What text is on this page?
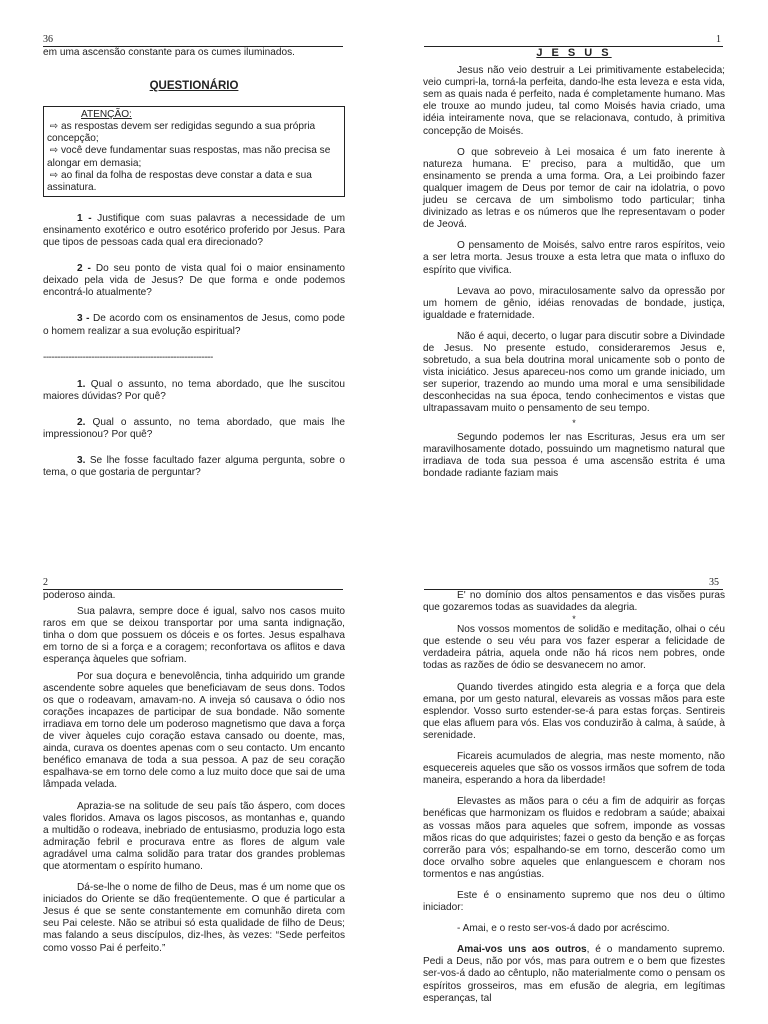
36

em uma ascensão constante para os cumes iluminados.

QUESTIONÁRIO

ATENÇÃO:

⇨ as respostas devem ser redigidas segundo a sua própria concepção;

⇨ você deve fundamentar suas respostas, mas não precisa se alongar em demasia;

⇨ ao final da folha de respostas deve constar a data e sua assinatura.

1 - Justifique com suas palavras a necessidade de um ensinamento exotérico e outro esotérico proferido por Jesus. Para que tipos de pessoas cada qual era direcionado?

2 - Do seu ponto de vista qual foi o maior ensinamento deixado pela vida de Jesus? De que forma e onde podemos encontrá-lo atualmente?

3 - De acordo com os ensinamentos de Jesus, como pode o homem realizar a sua evolução espiritual?

------------------------------------------------------------

1. Qual o assunto, no tema abordado, que lhe suscitou maiores dúvidas? Por quê?

2. Qual o assunto, no tema abordado, que mais lhe impressionou? Por quê?

3. Se lhe fosse facultado fazer alguma pergunta, sobre o tema, o que gostaria de perguntar?

1

J E S U S

Jesus não veio destruir a Lei primitivamente estabelecida; veio cumpri-la, torná-la perfeita, dando-lhe esta leveza e esta vida, sem as quais nada é perfeito, nada é completamente humano. Mas ele trouxe ao mundo judeu, tal como Moisés havia criado, uma idéia inteiramente nova, que se relacionava, contudo, à primitiva concepção de Moisés.

O que sobreveio à Lei mosaica é um fato inerente à natureza humana. E' preciso, para a multidão, que um ensinamento se prenda a uma forma. Ora, a Lei proibindo fazer qualquer imagem de Deus por temor de cair na idolatria, o povo judeu se cercava de um simbolismo todo particular; tinha divinizado as letras e os números que lhe representavam o poder de Jeová.

O pensamento de Moisés, salvo entre raros espíritos, veio a ser letra morta. Jesus trouxe a esta letra que mata o influxo do espírito que vivifica.

Levava ao povo, miraculosamente salvo da opressão por um homem de gênio, idéias renovadas de bondade, justiça, igualdade e fraternidade.

Não é aqui, decerto, o lugar para discutir sobre a Divindade de Jesus. No presente estudo, consideraremos Jesus e, sobretudo, a sua bela doutrina moral unicamente sob o ponto de vista iniciático. Jesus apareceu-nos como um grande iniciado, um ser superior, trazendo ao mundo uma moral e uma sensibilidade desconhecidas na sua época, tendo conhecimentos e vistas que ultrapassavam muito o pensamento de seu tempo.

*

Segundo podemos ler nas Escrituras, Jesus era um ser maravilhosamente dotado, possuindo um magnetismo natural que irradiava de toda sua pessoa é uma ascensão estrita é uma bondade radiante faziam mais

2

poderoso ainda.

Sua palavra, sempre doce é igual, salvo nos casos muito raros em que se deixou transportar por uma santa indignação, tinha o dom que possuem os dóceis e os fortes. Jesus espalhava em torno de si a força e a coragem; reconfortava os aflitos e dava esperança àqueles que sofriam.

Por sua doçura e benevolência, tinha adquirido um grande ascendente sobre aqueles que beneficiavam de seus dons. Todos os que o rodeavam, amavam-no. A inveja só causava o ódio nos corações incapazes de participar de sua bondade. Não somente irradiava em torno dele um poderoso magnetismo que dava a força de viver àqueles cujo coração estava cansado ou doente, mas, ainda, curava os doentes apenas com o seu contacto. Um encanto benéfico emanava de toda a sua pessoa. A paz de seu coração espalhava-se em torno dele como a luz muito doce que sai de uma lâmpada velada.

Aprazia-se na solitude de seu país tão áspero, com doces vales floridos. Amava os lagos piscosos, as montanhas e, quando a multidão o rodeava, inebriado de entusiasmo, produzia logo esta admiração febril e procurava entre as flores de algum vale agradável uma calma solidão para tratar dos grandes problemas que atormentam o espírito humano.

Dá-se-lhe o nome de filho de Deus, mas é um nome que os iniciados do Oriente se dão freqüentemente. O que é particular a Jesus é que se sente constantemente em comunhão direta com seu Pai celeste. Não se atribui só esta qualidade de filho de Deus; mas falando a seus discípulos, diz-lhes, às vezes: “Sede perfeitos como vosso Pai é perfeito.”

35

E' no domínio dos altos pensamentos e das visões puras que gozaremos todas as suavidades da alegria.

*

Nos vossos momentos de solidão e meditação, olhai o céu que estende o seu véu para vos fazer esperar a felicidade de verdadeira pátria, aquela onde não há ricos nem pobres, onde todas as razões de ódio se desvanecem no amor.

Quando tiverdes atingido esta alegria e a força que dela emana, por um gesto natural, elevareis as vossas mãos para este esplendor. Vosso surto estender-se-á para estas forças. Sentireis que elas afluem para vós. Elas vos conduzirão à calma, à saúde, à serenidade.

Ficareis acumulados de alegria, mas neste momento, não esquecereis aqueles que são os vossos irmãos que sofrem de toda maneira, esperando a hora da liberdade!

Elevastes as mãos para o céu a fim de adquirir as forças benéficas que harmonizam os fluidos e redobram a saúde; abaixai as vossas mãos para aqueles que sofrem, imponde as vossas mãos ricas do que adquiristes; fazei o gesto da benção e as forças correrão para vós; espalhando-se em torno, descerão como um doce orvalho sobre aqueles que enlanguescem e choram nos tormentos e nas angústias.

Este é o ensinamento supremo que nos deu o último iniciador:

- Amai, e o resto ser-vos-á dado por acréscimo.

Amai-vos uns aos outros, é o mandamento supremo. Pedi a Deus, não por vós, mas para outrem e o bem que fizestes ser-vos-á dado ao cêntuplo, não materialmente como o pensam os espíritos grosseiros, mas em efusão de alegria, em legítimas esperanças, tal
